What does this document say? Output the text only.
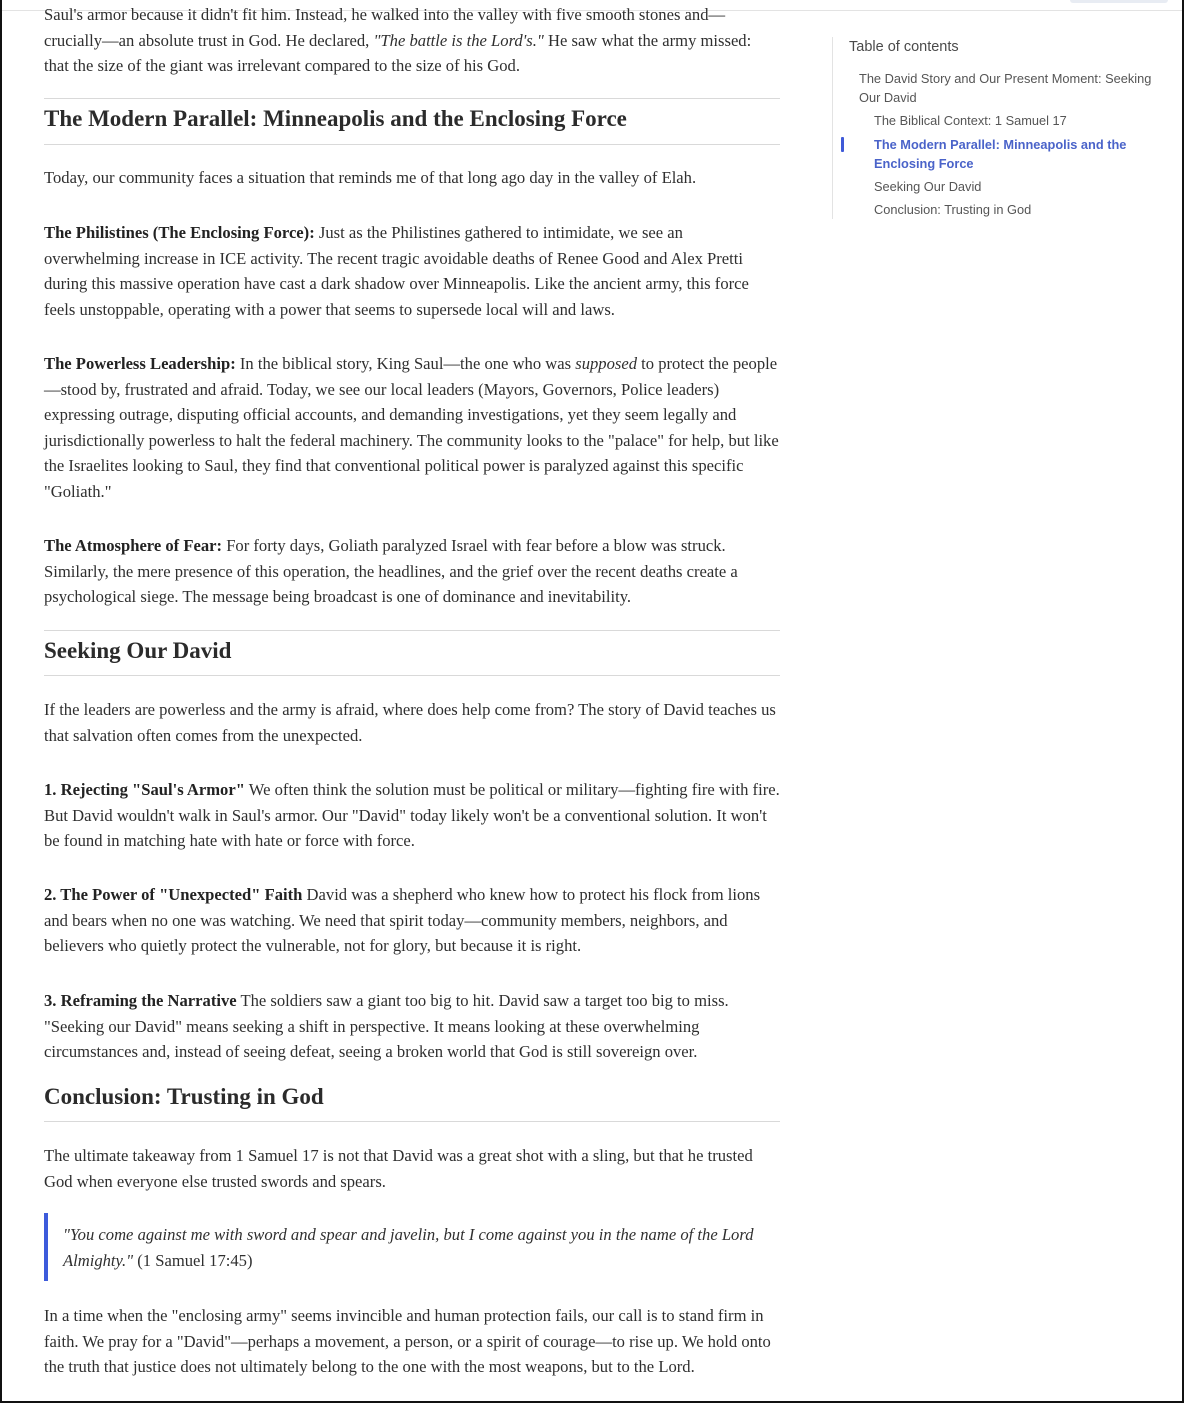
Saul's armor because it didn't fit him. Instead, he walked into the valley with five smooth stones and—
crucially—an absolute trust in God. He declared, "The battle is the Lord's." He saw what the army missed:
that the size of the giant was irrelevant compared to the size of his God.
The Modern Parallel: Minneapolis and the Enclosing Force

Today, our community faces a situation that reminds me of that long ago day in the valley of Elah.

The Philistines (The Enclosing Force): Just as the Philistines gathered to intimidate, we see an overwhelming increase in ICE activity. The recent tragic avoidable deaths of Renee Good and Alex Pretti during this massive operation have cast a dark shadow over Minneapolis. Like the ancient army, this force feels unstoppable, operating with a power that seems to supersede local will and laws.

The Powerless Leadership: In the biblical story, King Saul—the one who was supposed to protect the people—stood by, frustrated and afraid. Today, we see our local leaders (Mayors, Governors, Police leaders) expressing outrage, disputing official accounts, and demanding investigations, yet they seem legally and jurisdictionally powerless to halt the federal machinery. The community looks to the "palace" for help, but like the Israelites looking to Saul, they find that conventional political power is paralyzed against this specific "Goliath."

The Atmosphere of Fear: For forty days, Goliath paralyzed Israel with fear before a blow was struck. Similarly, the mere presence of this operation, the headlines, and the grief over the recent deaths create a psychological siege. The message being broadcast is one of dominance and inevitability.

Seeking Our David

If the leaders are powerless and the army is afraid, where does help come from? The story of David teaches us that salvation often comes from the unexpected.

1. Rejecting "Saul's Armor" We often think the solution must be political or military—fighting fire with fire. But David wouldn't walk in Saul's armor. Our "David" today likely won't be a conventional solution. It won't be found in matching hate with hate or force with force.

2. The Power of "Unexpected" Faith David was a shepherd who knew how to protect his flock from lions and bears when no one was watching. We need that spirit today—community members, neighbors, and believers who quietly protect the vulnerable, not for glory, but because it is right.

3. Reframing the Narrative The soldiers saw a giant too big to hit. David saw a target too big to miss. "Seeking our David" means seeking a shift in perspective. It means looking at these overwhelming circumstances and, instead of seeing defeat, seeing a broken world that God is still sovereign over.

Conclusion: Trusting in God

The ultimate takeaway from 1 Samuel 17 is not that David was a great shot with a sling, but that he trusted God when everyone else trusted swords and spears.

"You come against me with sword and spear and javelin, but I come against you in the name of the Lord Almighty." (1 Samuel 17:45)

In a time when the "enclosing army" seems invincible and human protection fails, our call is to stand firm in faith. We pray for a "David"—perhaps a movement, a person, or a spirit of courage—to rise up. We hold onto the truth that justice does not ultimately belong to the one with the most weapons, but to the Lord.

Table of contents
The David Story and Our Present Moment: Seeking Our David
The Biblical Context: 1 Samuel 17
The Modern Parallel: Minneapolis and the Enclosing Force
Seeking Our David
Conclusion: Trusting in God
